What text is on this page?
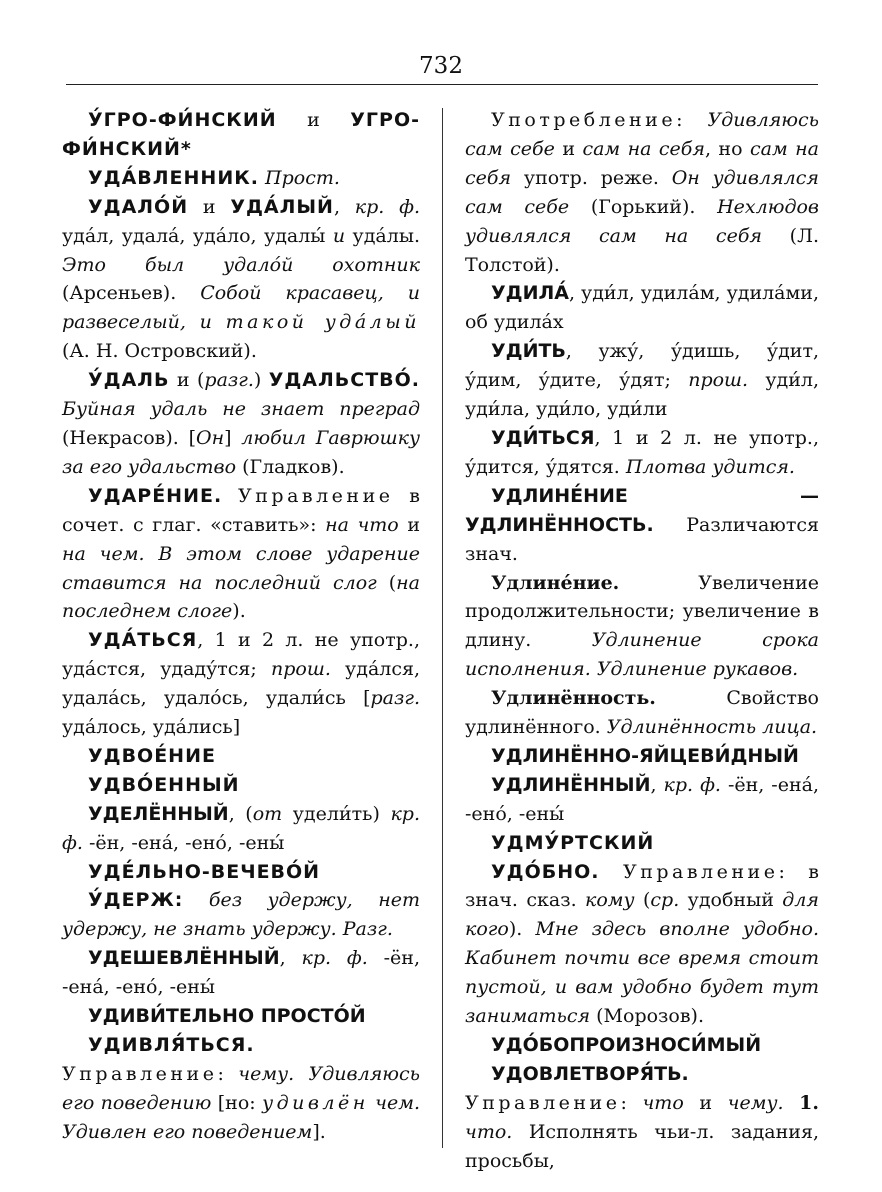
732

У́ГРО-ФИ́НСКИЙ и УГРО-ФИ́НСКИЙ*

УДА́ВЛЕННИК. Прост.

УДАЛО́Й и УДА́ЛЫЙ, кр. ф. уда́л, удала́, уда́ло, удалы́ и уда́лы. Это был удало́й охотник (Арсеньев). Собой красавец, и развеселый, и такой уда́лый (А. Н. Островский).

У́ДАЛЬ и (разг.) УДАЛЬСТВО́. Буйная удаль не знает преград (Некрасов). [Он] любил Гаврюшку за его удальство (Гладков).

УДАРЕ́НИЕ. Управление в сочет. с глаг. «ставить»: на что и на чем. В этом слове ударение ставится на последний слог (на последнем слоге).

УДА́ТЬСЯ, 1 и 2 л. не употр., уда́стся, удаду́тся; прош. уда́лся, удала́сь, удало́сь, удали́сь [разг. уда́лось, уда́лись]

УДВОЕ́НИЕ

УДВО́ЕННЫЙ

УДЕЛЁННЫЙ, (от удели́ть) кр. ф. -ён, -ена́, -ено́, -ены́

УДЕ́ЛЬНО-ВЕЧЕВО́Й

У́ДЕРЖ: без удержу, нет удержу, не знать удержу. Разг.

УДЕШЕВЛЁННЫЙ, кр. ф. -ён, -ена́, -ено́, -ены́

УДИВИ́ТЕЛЬНО ПРОСТО́Й

УДИВЛЯ́ТЬСЯ. Управление: чему. Удивляюсь его поведению [но: удивлён чем. Удивлен его поведением].

Употребление: Удивляюсь сам себе и сам на себя, но сам на себя употр. реже. Он удивлялся сам себе (Горький). Нехлюдов удивлялся сам на себя (Л. Толстой).

УДИЛА́, уди́л, удила́м, удила́ми, об удила́х

УДИ́ТЬ, ужу́, у́дишь, у́дит, у́дим, у́дите, у́дят; прош. уди́л, уди́ла, уди́ло, уди́ли

УДИ́ТЬСЯ, 1 и 2 л. не употр., у́дится, у́дятся. Плотва удится.

УДЛИНЕ́НИЕ — УДЛИНЁННОСТЬ. Различаются знач.

Удлине́ние. Увеличение продолжительности; увеличение в длину. Удлинение срока исполнения. Удлинение рукавов.

Удлинённость. Свойство удлинённого. Удлинённость лица.

УДЛИНЁННО-ЯЙЦЕВИ́ДНЫЙ

УДЛИНЁННЫЙ, кр. ф. -ён, -ена́, -ено́, -ены́

УДМУ́РТСКИЙ

УДО́БНО. Управление: в знач. сказ. кому (ср. удобный для кого). Мне здесь вполне удобно. Кабинет почти все время стоит пустой, и вам удобно будет тут заниматься (Морозов).

УДО́БОПРОИЗНОСИ́МЫЙ

УДОВЛЕТВОРЯ́ТЬ. Управление: что и чему. 1. что. Исполнять чьи-л. задания, просьбы,
